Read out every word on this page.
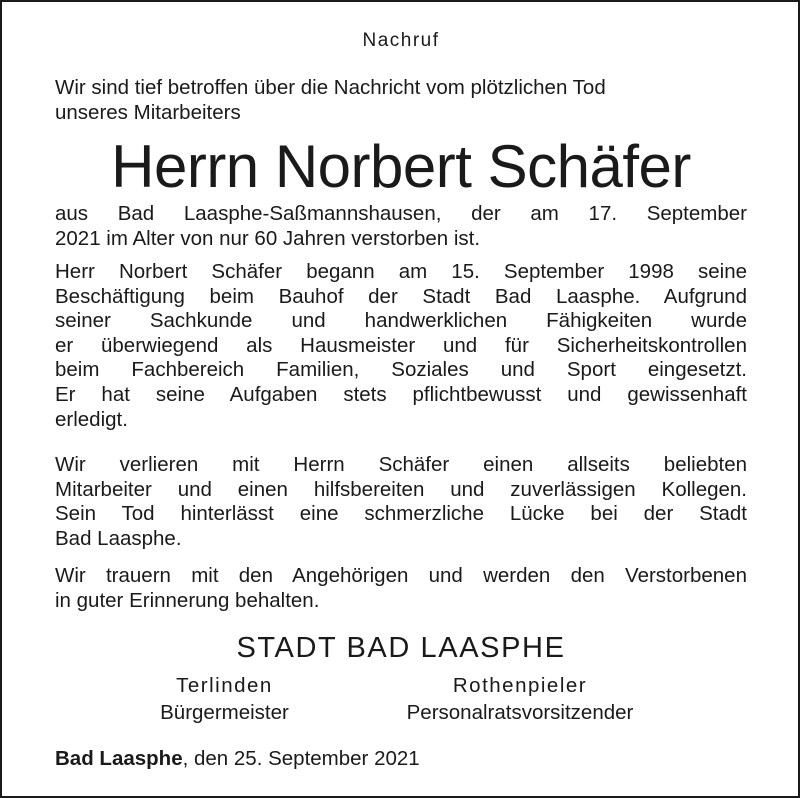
Nachruf
Wir sind tief betroffen über die Nachricht vom plötzlichen Tod
unseres Mitarbeiters
Herrn Norbert Schäfer
aus Bad Laasphe-Saßmannshausen, der am 17. September
2021 im Alter von nur 60 Jahren verstorben ist.
Herr Norbert Schäfer begann am 15. September 1998 seine
Beschäftigung beim Bauhof der Stadt Bad Laasphe. Aufgrund
seiner Sachkunde und handwerklichen Fähigkeiten wurde
er überwiegend als Hausmeister und für Sicherheitskontrollen
beim Fachbereich Familien, Soziales und Sport eingesetzt.
Er hat seine Aufgaben stets pflichtbewusst und gewissenhaft
erledigt.
Wir verlieren mit Herrn Schäfer einen allseits beliebten
Mitarbeiter und einen hilfsbereiten und zuverlässigen Kollegen.
Sein Tod hinterlässt eine schmerzliche Lücke bei der Stadt
Bad Laasphe.
Wir trauern mit den Angehörigen und werden den Verstorbenen
in guter Erinnerung behalten.
STADT BAD LAASPHE
Terlinden
Bürgermeister
Rothenpieler
Personalratsvorsitzender
Bad Laasphe, den 25. September 2021
